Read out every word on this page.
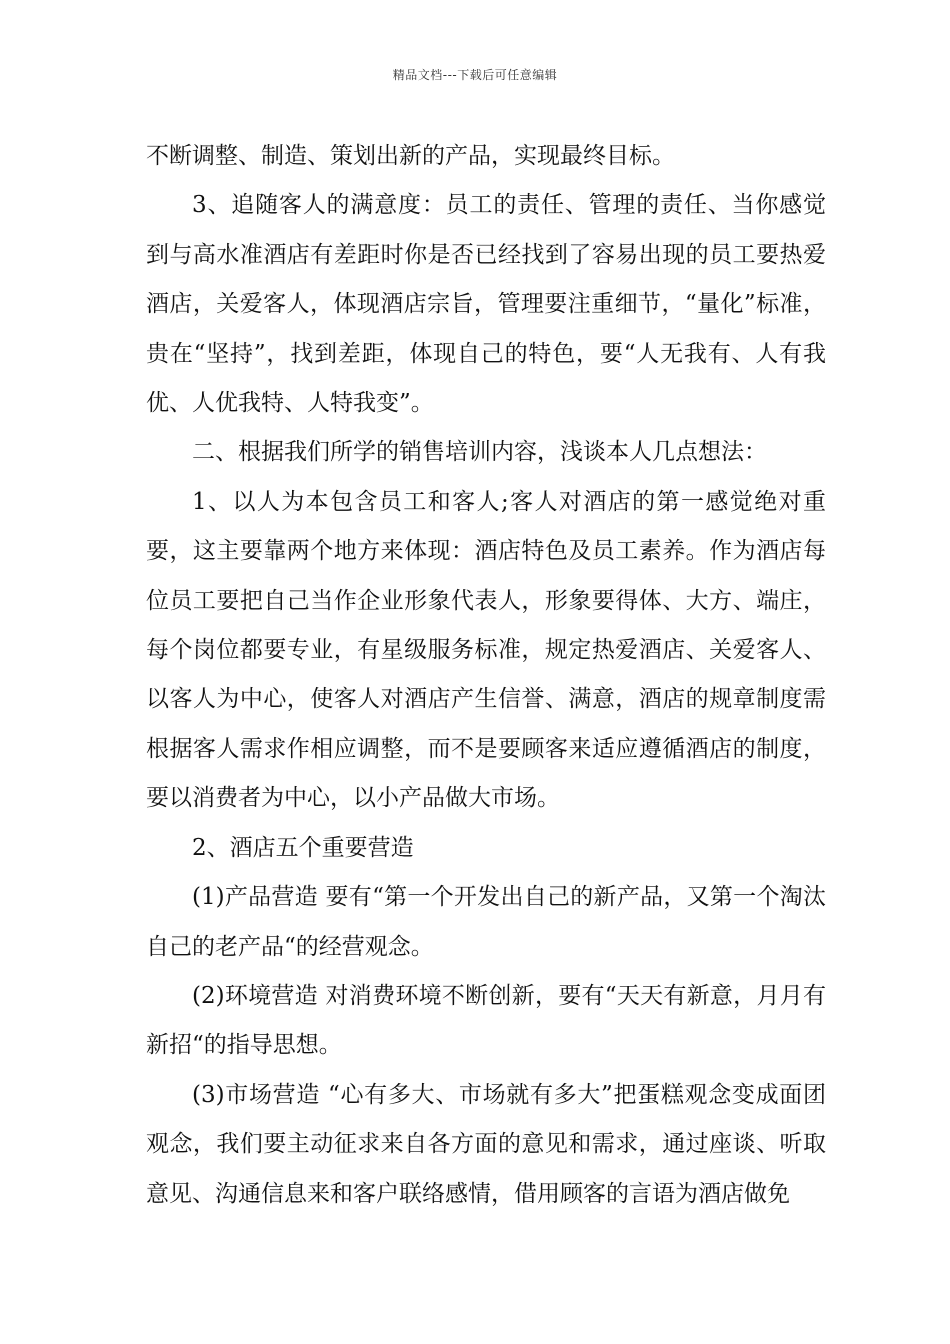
精品文档---下载后可任意编辑

不断调整、制造、策划出新的产品，实现最终目标。

3、追随客人的满意度：员工的责任、管理的责任、当你感觉到与高水准酒店有差距时你是否已经找到了容易出现的员工要热爱酒店，关爱客人，体现酒店宗旨，管理要注重细节，“量化”标准，贵在“坚持”，找到差距，体现自己的特色，要“人无我有、人有我优、人优我特、人特我变”。

二、根据我们所学的销售培训内容，浅谈本人几点想法：

1、以人为本包含员工和客人;客人对酒店的第一感觉绝对重要，这主要靠两个地方来体现：酒店特色及员工素养。作为酒店每位员工要把自己当作企业形象代表人，形象要得体、大方、端庄，每个岗位都要专业，有星级服务标准，规定热爱酒店、关爱客人、以客人为中心，使客人对酒店产生信誉、满意，酒店的规章制度需根据客人需求作相应调整，而不是要顾客来适应遵循酒店的制度，要以消费者为中心，以小产品做大市场。

2、酒店五个重要营造

(1)产品营造 要有“第一个开发出自己的新产品，又第一个淘汰自己的老产品“的经营观念。

(2)环境营造 对消费环境不断创新，要有“天天有新意，月月有新招“的指导思想。

(3)市场营造 “心有多大、市场就有多大”把蛋糕观念变成面团观念，我们要主动征求来自各方面的意见和需求，通过座谈、听取意见、沟通信息来和客户联络感情，借用顾客的言语为酒店做免
